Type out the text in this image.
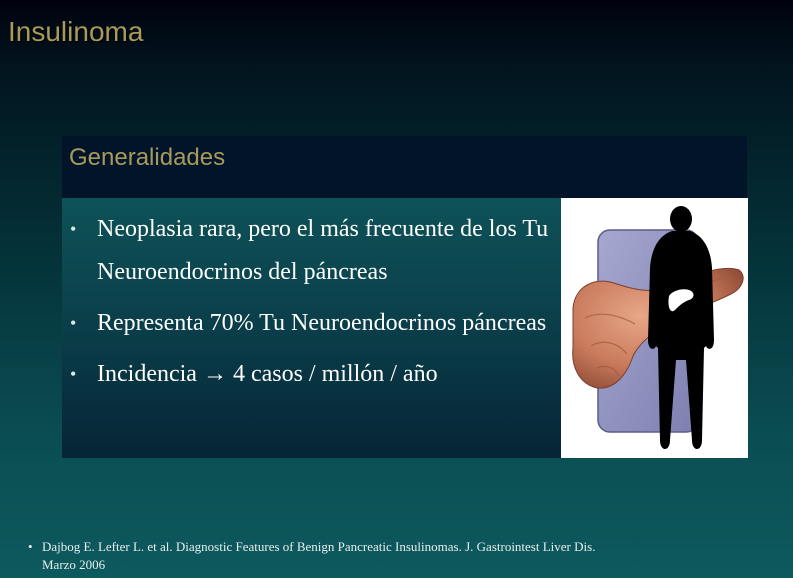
Insulinoma
Generalidades
• Neoplasia rara, pero el más frecuente de los Tu Neuroendocrinos del páncreas
• Representa 70% Tu Neuroendocrinos páncreas
• Incidencia → 4 casos / millón / año
• Dajbog E. Lefter L. et al. Diagnostic Features of Benign Pancreatic Insulinomas. J. Gastrointest Liver Dis.
Marzo 2006
